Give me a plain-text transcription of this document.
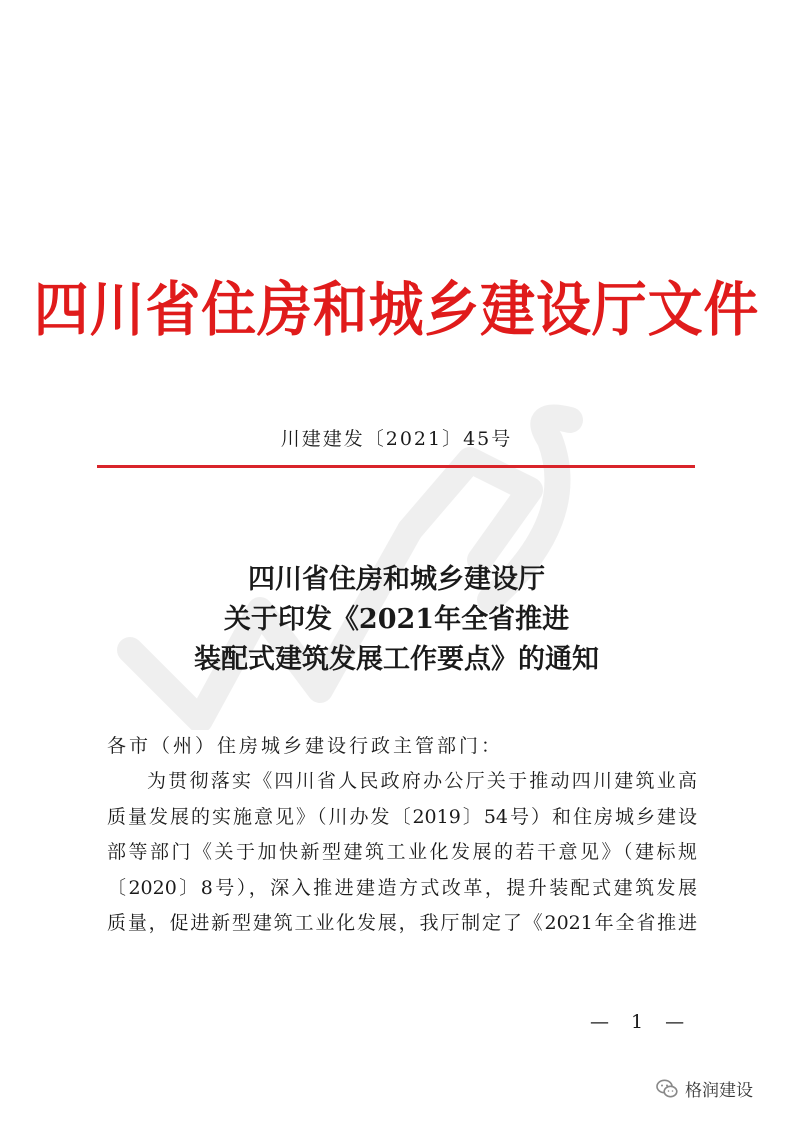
四川省住房和城乡建设厅文件
川建建发〔2021〕45号
四川省住房和城乡建设厅
关于印发《2021年全省推进
装配式建筑发展工作要点》的通知
各市（州）住房城乡建设行政主管部门：
为贯彻落实《四川省人民政府办公厅关于推动四川建筑业高
质量发展的实施意见》（川办发〔2019〕54号）和住房城乡建设
部等部门《关于加快新型建筑工业化发展的若干意见》（建标规
〔2020〕8号），深入推进建造方式改革，提升装配式建筑发展
质量，促进新型建筑工业化发展，我厅制定了《2021年全省推进
— 1 —
格润建设
